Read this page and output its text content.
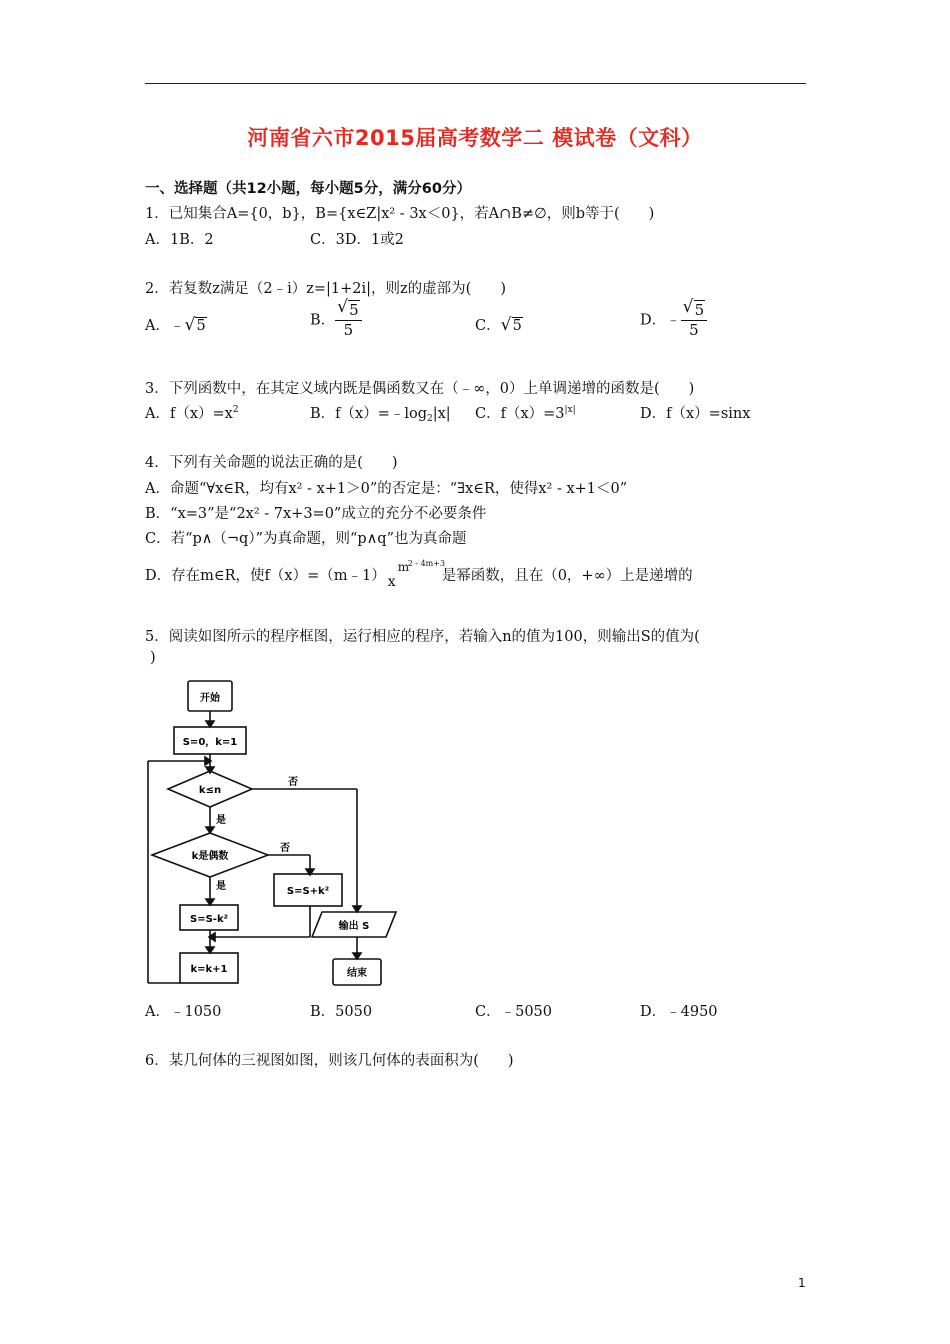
河南省六市2015届高考数学二 模试卷（文科）
一、选择题（共12小题，每小题5分，满分60分）
1．已知集合A={0，b}，B={x∈Z|x² - 3x＜0}，若A∩B≠∅，则b等于(　　)
A．1B．2	C．3D．1或2
2．若复数z满足（2﹣i）z=|1+2i|，则z的虚部为(　　)
A．﹣ √ 5	B． $\frac{√ 5}{5}$	C． √ 5	D．﹣ $\frac{√ 5}{5}$
3．下列函数中，在其定义域内既是偶函数又在（﹣∞，0）上单调递增的函数是(　　)
A．$f(x)=x^2$	B．$f(x)=﹣\log_2|x|$ C．$f(x)=3^{|x|}$	D．f（x）=sinx
4．下列有关命题的说法正确的是(　　)
A．命题“∀x∈R，均有x² - x+1＞0”的否定是：“∃x∈R，使得x² - x+1＜0”
B．“x=3”是“2x² - 7x+3=0”成立的充分不必要条件
C．若“p∧（¬q）”为真命题，则“p∧q”也为真命题
D．存在m∈R，使f（x）=（m﹣1） x
m
2 - 4m+3
是幂函数，且在（0，+∞）上是递增的
5．阅读如图所示的程序框图，运行相应的程序，若输入n的值为100，则输出S的值为(
)
开始
S=0，k=1
k≤n
否
是
k是偶数
否
是	S=S+k²
S=S-k²
k=k+1
输出 S
结束
A．﹣1050	B．5050	C．﹣5050	D．﹣4950
6．某几何体的三视图如图，则该几何体的表面积为(　　)
1
